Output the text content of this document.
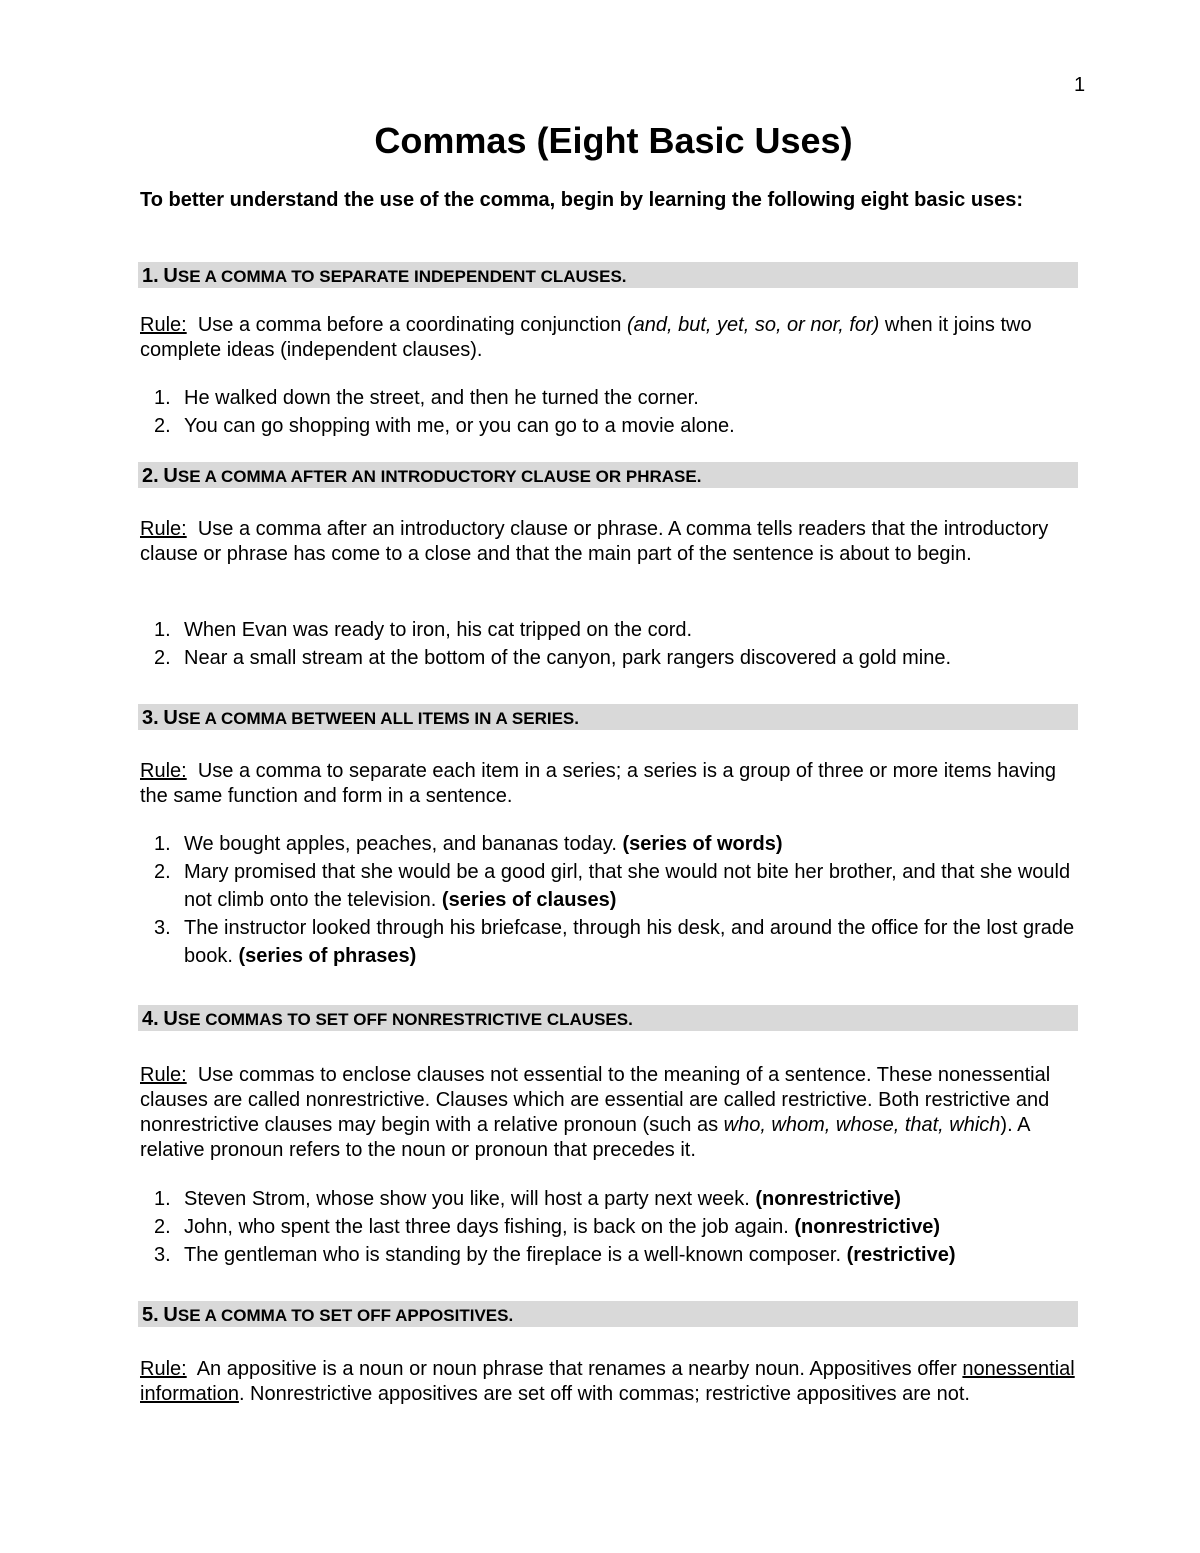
1
Commas (Eight Basic Uses)

To better understand the use of the comma, begin by learning the following eight basic uses:

1. USE A COMMA TO SEPARATE INDEPENDENT CLAUSES.

Rule: Use a comma before a coordinating conjunction (and, but, yet, so, or nor, for) when it joins two complete ideas (independent clauses).

1. He walked down the street, and then he turned the corner.
2. You can go shopping with me, or you can go to a movie alone.
2. USE A COMMA AFTER AN INTRODUCTORY CLAUSE OR PHRASE.

Rule: Use a comma after an introductory clause or phrase. A comma tells readers that the introductory clause or phrase has come to a close and that the main part of the sentence is about to begin.

1. When Evan was ready to iron, his cat tripped on the cord.
2. Near a small stream at the bottom of the canyon, park rangers discovered a gold mine.
3. USE A COMMA BETWEEN ALL ITEMS IN A SERIES.

Rule: Use a comma to separate each item in a series; a series is a group of three or more items having the same function and form in a sentence.

1. We bought apples, peaches, and bananas today. (series of words)
2. Mary promised that she would be a good girl, that she would not bite her brother, and that she would not climb onto the television. (series of clauses)
3. The instructor looked through his briefcase, through his desk, and around the office for the lost grade book. (series of phrases)
4. USE COMMAS TO SET OFF NONRESTRICTIVE CLAUSES.

Rule: Use commas to enclose clauses not essential to the meaning of a sentence. These nonessential clauses are called nonrestrictive. Clauses which are essential are called restrictive. Both restrictive and nonrestrictive clauses may begin with a relative pronoun (such as who, whom, whose, that, which). A relative pronoun refers to the noun or pronoun that precedes it.

1. Steven Strom, whose show you like, will host a party next week. (nonrestrictive)
2. John, who spent the last three days fishing, is back on the job again. (nonrestrictive)
3. The gentleman who is standing by the fireplace is a well-known composer. (restrictive)
5. USE A COMMA TO SET OFF APPOSITIVES.

Rule: An appositive is a noun or noun phrase that renames a nearby noun. Appositives offer nonessential information. Nonrestrictive appositives are set off with commas; restrictive appositives are not.
